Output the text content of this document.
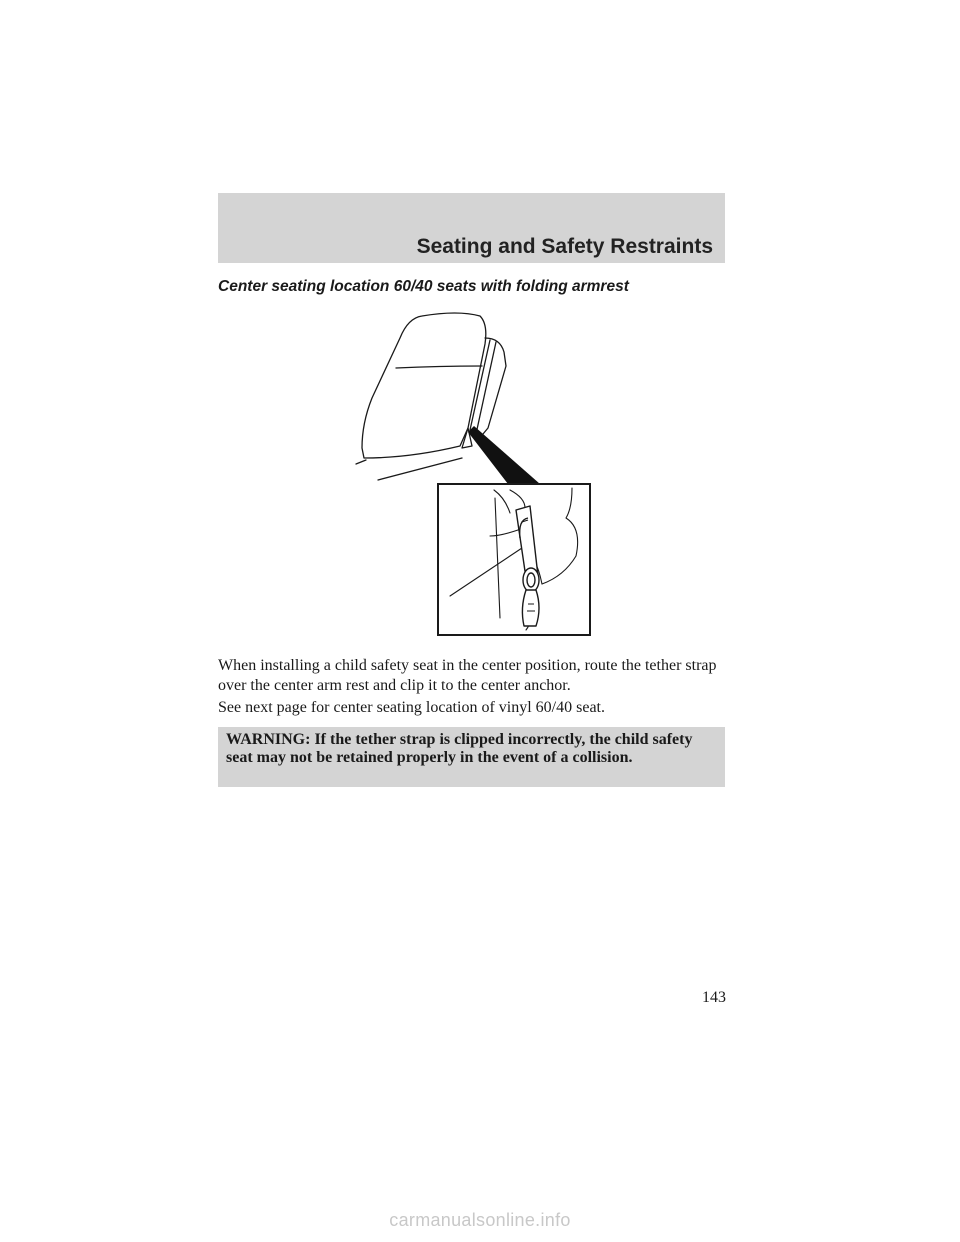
Seating and Safety Restraints
Center seating location 60/40 seats with folding armrest
When installing a child safety seat in the center position, route the tether strap over the center arm rest and clip it to the center anchor.
See next page for center seating location of vinyl 60/40 seat.
WARNING: If the tether strap is clipped incorrectly, the child safety seat may not be retained properly in the event of a collision.
143
carmanualsonline.info
